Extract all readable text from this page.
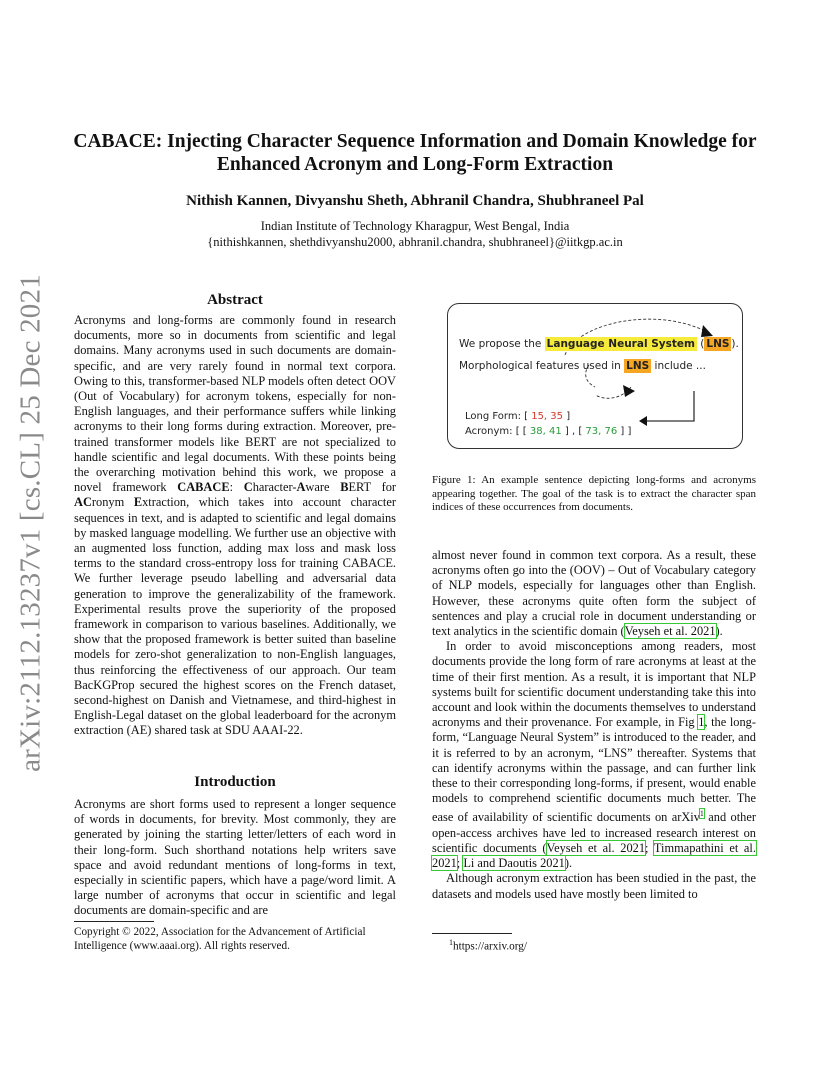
arXiv:2112.13237v1 [cs.CL] 25 Dec 2021
CABACE: Injecting Character Sequence Information and Domain Knowledge for Enhanced Acronym and Long-Form Extraction
Nithish Kannen, Divyanshu Sheth, Abhranil Chandra, Shubhraneel Pal
Indian Institute of Technology Kharagpur, West Bengal, India
{nithishkannen, shethdivyanshu2000, abhranil.chandra, shubhraneel}@iitkgp.ac.in
Abstract

Acronyms and long-forms are commonly found in research documents, more so in documents from scientific and legal domains. Many acronyms used in such documents are domain-specific, and are very rarely found in normal text corpora. Owing to this, transformer-based NLP models often detect OOV (Out of Vocabulary) for acronym tokens, especially for non-English languages, and their performance suffers while linking acronyms to their long forms during extraction. Moreover, pre-trained transformer models like BERT are not specialized to handle scientific and legal documents. With these points being the overarching motivation behind this work, we propose a novel framework CABACE: Character-Aware BERT for ACronym Extraction, which takes into account character sequences in text, and is adapted to scientific and legal domains by masked language modelling. We further use an objective with an augmented loss function, adding max loss and mask loss terms to the standard cross-entropy loss for training CABACE. We further leverage pseudo labelling and adversarial data generation to improve the generalizability of the framework. Experimental results prove the superiority of the proposed framework in comparison to various baselines. Additionally, we show that the proposed framework is better suited than baseline models for zero-shot generalization to non-English languages, thus reinforcing the effectiveness of our approach. Our team BacKGProp secured the highest scores on the French dataset, second-highest on Danish and Vietnamese, and third-highest in English-Legal dataset on the global leaderboard for the acronym extraction (AE) shared task at SDU AAAI-22.

Introduction

Acronyms are short forms used to represent a longer sequence of words in documents, for brevity. Most commonly, they are generated by joining the starting letter/letters of each word in their long-form. Such shorthand notations help writers save space and avoid redundant mentions of long-forms in text, especially in scientific papers, which have a page/word limit. A large number of acronyms that occur in scientific and legal documents are domain-specific and are

We propose the Language Neural System ( LNS ).
Morphological features used in LNS include ...
Long Form: [ 15, 35 ]
Acronym: [ [ 38, 41 ] , [ 73, 76 ] ]
Figure 1: An example sentence depicting long-forms and acronyms appearing together. The goal of the task is to extract the character span indices of these occurrences from documents.

almost never found in common text corpora. As a result, these acronyms often go into the (OOV) – Out of Vocabulary category of NLP models, especially for languages other than English. However, these acronyms quite often form the subject of sentences and play a crucial role in document understanding or text analytics in the scientific domain (Veyseh et al. 2021).

In order to avoid misconceptions among readers, most documents provide the long form of rare acronyms at least at the time of their first mention. As a result, it is important that NLP systems built for scientific document understanding take this into account and look within the documents themselves to understand acronyms and their provenance. For example, in Fig 1, the long-form, “Language Neural System” is introduced to the reader, and it is referred to by an acronym, “LNS” thereafter. Systems that can identify acronyms within the passage, and can further link these to their corresponding long-forms, if present, would enable models to comprehend scientific documents much better. The ease of availability of scientific documents on arXiv$^1$ and other open-access archives have led to increased research interest on scientific documents (Veyseh et al. 2021; Timmapathini et al. 2021; Li and Daoutis 2021).

Although acronym extraction has been studied in the past, the datasets and models used have mostly been limited to

Copyright © 2022, Association for the Advancement of Artificial Intelligence (www.aaai.org). All rights reserved.	$^1$https://arxiv.org/
